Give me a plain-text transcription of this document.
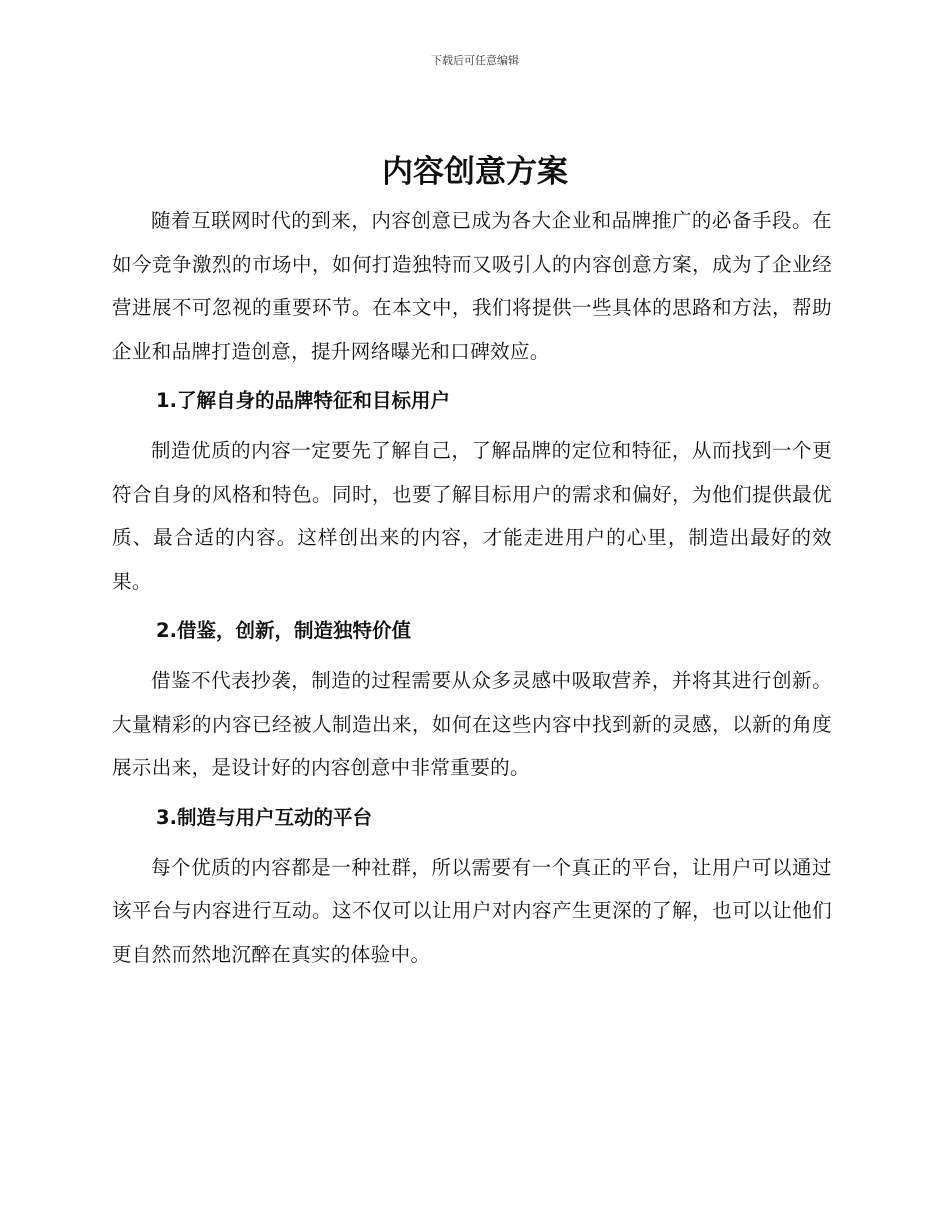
下载后可任意编辑
内容创意方案

随着互联网时代的到来，内容创意已成为各大企业和品牌推广的必备手段。在如今竞争激烈的市场中，如何打造独特而又吸引人的内容创意方案，成为了企业经营进展不可忽视的重要环节。在本文中，我们将提供一些具体的思路和方法，帮助企业和品牌打造创意，提升网络曝光和口碑效应。

1.了解自身的品牌特征和目标用户

制造优质的内容一定要先了解自己，了解品牌的定位和特征，从而找到一个更符合自身的风格和特色。同时，也要了解目标用户的需求和偏好，为他们提供最优质、最合适的内容。这样创出来的内容，才能走进用户的心里，制造出最好的效果。

2.借鉴，创新，制造独特价值

借鉴不代表抄袭，制造的过程需要从众多灵感中吸取营养，并将其进行创新。大量精彩的内容已经被人制造出来，如何在这些内容中找到新的灵感，以新的角度展示出来，是设计好的内容创意中非常重要的。

3.制造与用户互动的平台

每个优质的内容都是一种社群，所以需要有一个真正的平台，让用户可以通过该平台与内容进行互动。这不仅可以让用户对内容产生更深的了解，也可以让他们更自然而然地沉醉在真实的体验中。
